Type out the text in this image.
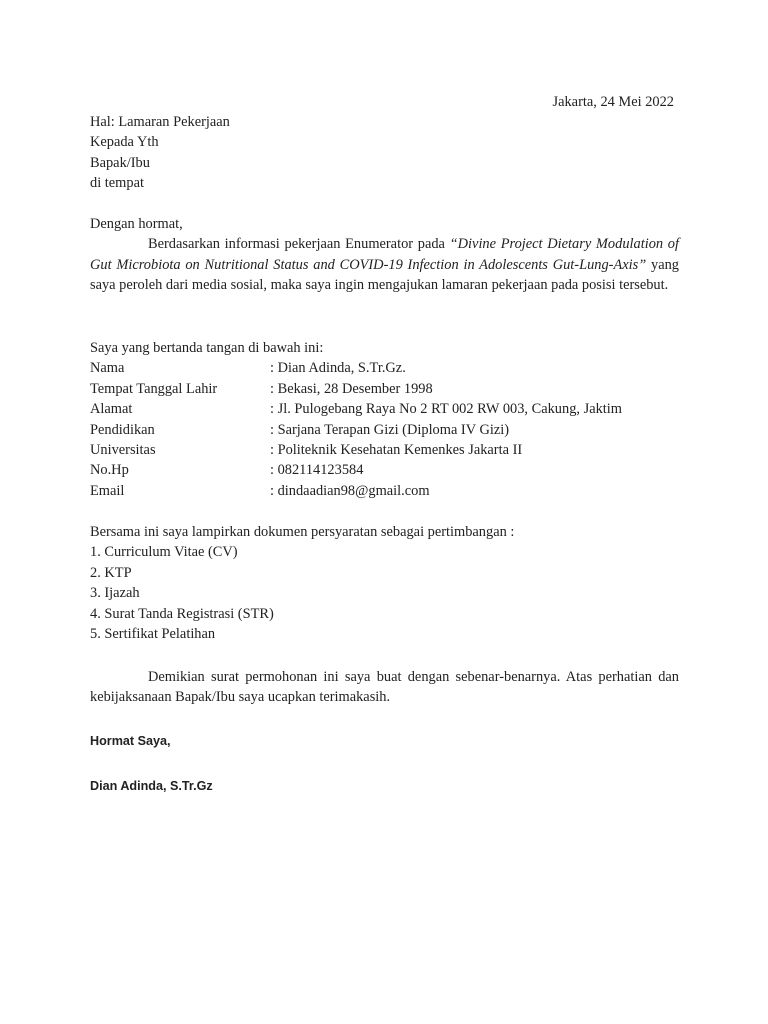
Jakarta, 24 Mei 2022

Hal: Lamaran Pekerjaan

Kepada Yth

Bapak/Ibu

di tempat

Dengan hormat,

Berdasarkan informasi pekerjaan Enumerator pada “Divine Project Dietary Modulation of Gut Microbiota on Nutritional Status and COVID-19 Infection in Adolescents Gut-Lung-Axis” yang saya peroleh dari media sosial, maka saya ingin mengajukan lamaran pekerjaan pada posisi tersebut.

Saya yang bertanda tangan di bawah ini:

Nama	: Dian Adinda, S.Tr.Gz.
Tempat Tanggal Lahir	: Bekasi, 28 Desember 1998
Alamat	: Jl. Pulogebang Raya No 2 RT 002 RW 003, Cakung, Jaktim
Pendidikan	: Sarjana Terapan Gizi (Diploma IV Gizi)
Universitas	: Politeknik Kesehatan Kemenkes Jakarta II
No.Hp	: 082114123584
Email	: dindaadian98@gmail.com

Bersama ini saya lampirkan dokumen persyaratan sebagai pertimbangan :

1. Curriculum Vitae (CV)

2. KTP

3. Ijazah

4. Surat Tanda Registrasi (STR)

5. Sertifikat Pelatihan

Demikian surat permohonan ini saya buat dengan sebenar-benarnya. Atas perhatian dan kebijaksanaan Bapak/Ibu saya ucapkan terimakasih.

Hormat Saya,
Dian Adinda, S.Tr.Gz
